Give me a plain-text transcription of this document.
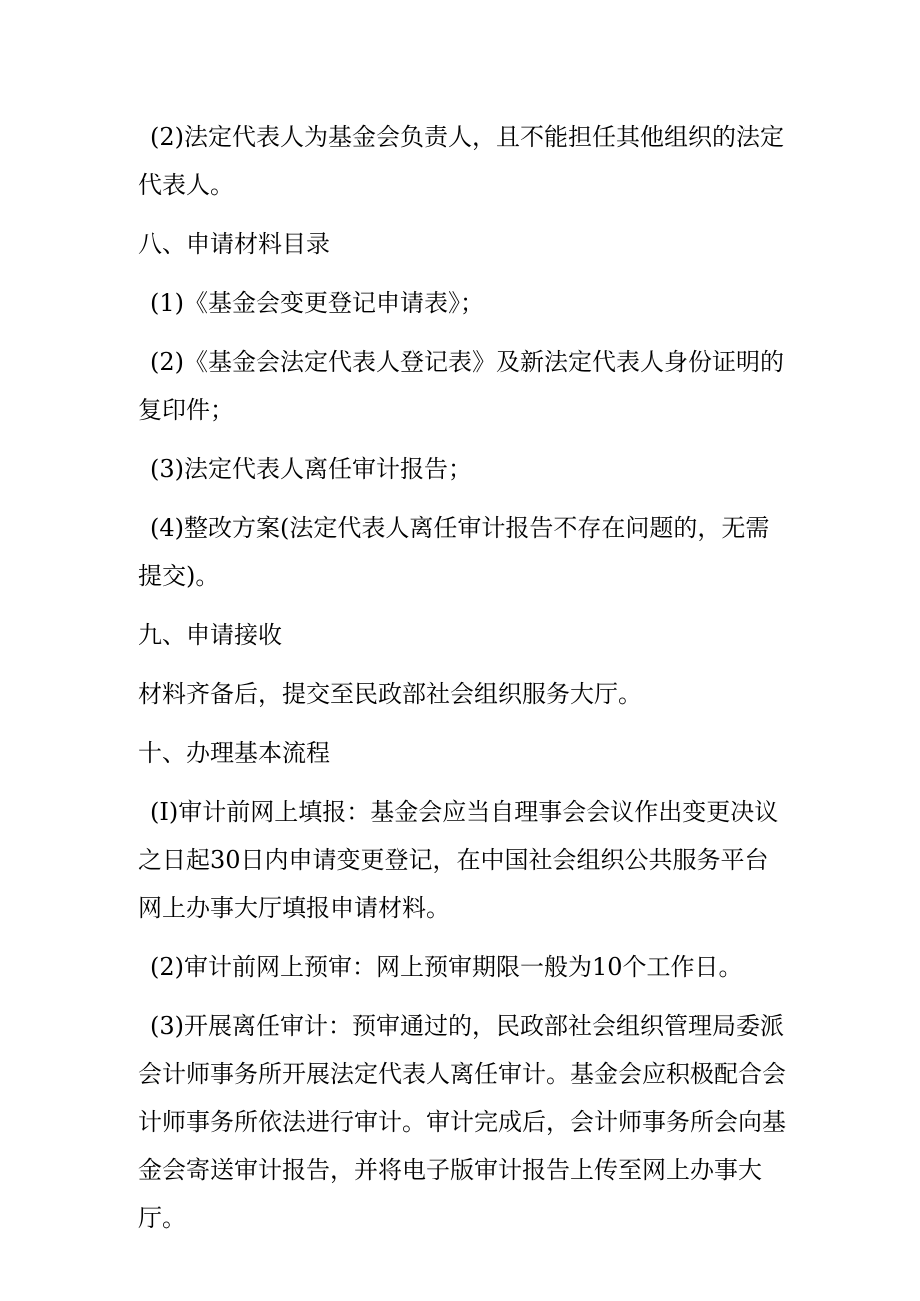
(2)法定代表人为基金会负责人，且不能担任其他组织的法定代表人。

八、申请材料目录

(1)《基金会变更登记申请表》；

(2)《基金会法定代表人登记表》及新法定代表人身份证明的复印件；

(3)法定代表人离任审计报告；

(4)整改方案(法定代表人离任审计报告不存在问题的，无需提交)。

九、申请接收

材料齐备后，提交至民政部社会组织服务大厅。

十、办理基本流程

(I)审计前网上填报：基金会应当自理事会会议作出变更决议之日起30日内申请变更登记，在中国社会组织公共服务平台网上办事大厅填报申请材料。

(2)审计前网上预审：网上预审期限一般为10个工作日。

(3)开展离任审计：预审通过的，民政部社会组织管理局委派会计师事务所开展法定代表人离任审计。基金会应积极配合会计师事务所依法进行审计。审计完成后，会计师事务所会向基金会寄送审计报告，并将电子版审计报告上传至网上办事大厅。
